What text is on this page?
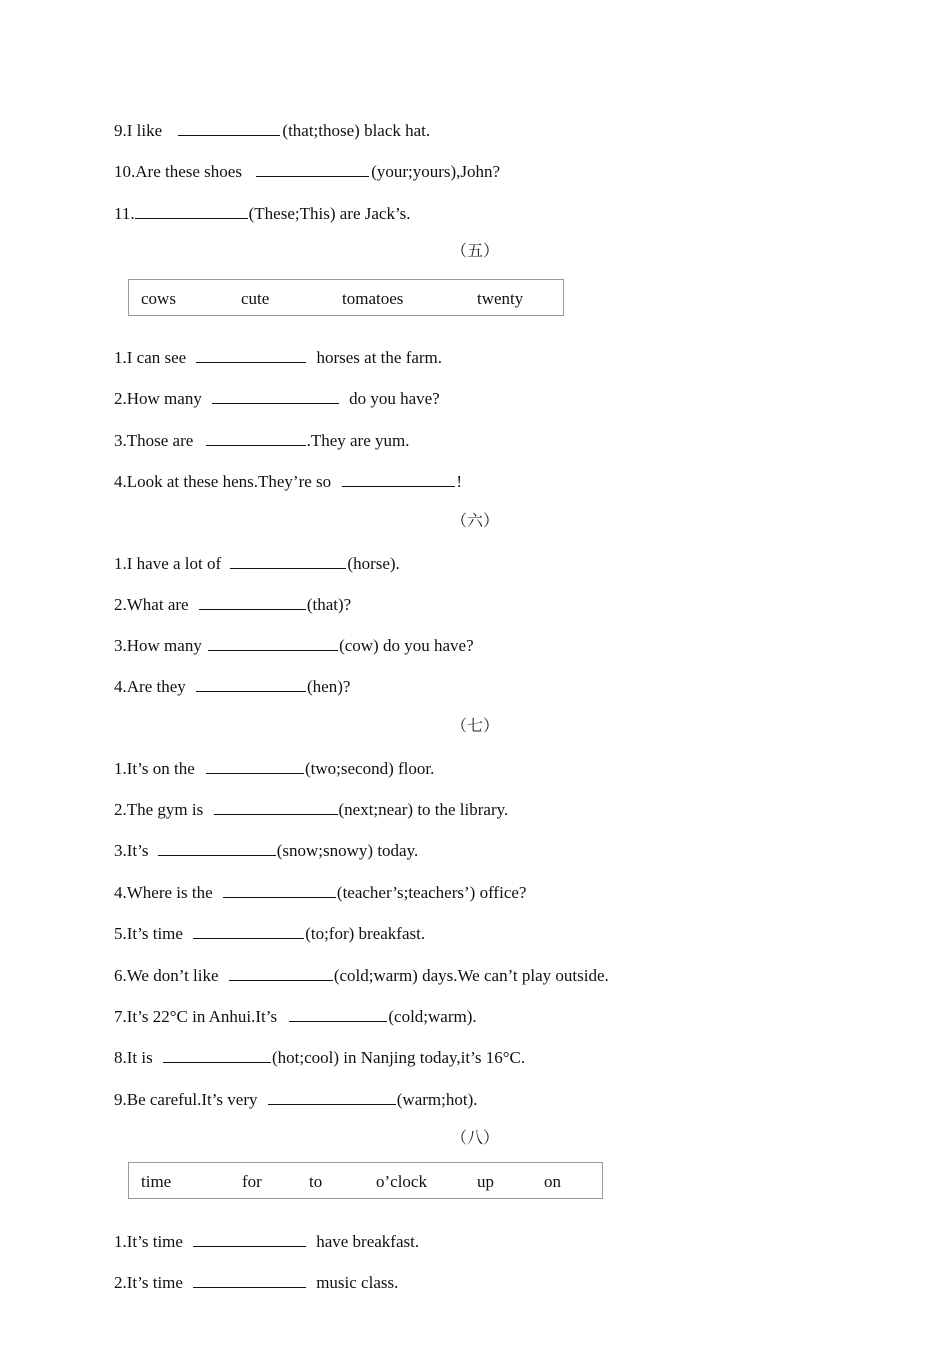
9.I like	(that;those) black hat.
10.Are these shoes	(your;yours),John?
11.	(These;This) are Jack’s.
（五）
cows	cute	tomatoes	twenty
1.I can see	horses at the farm.
2.How many	do you have?
3.Those are	.They are yum.
4.Look at these hens.They’re so	!
（六）
1.I have a lot of	(horse).
2.What are	(that)?
3.How many	(cow) do you have?
4.Are they	(hen)?
（七）
1.It’s on the	(two;second) floor.
2.The gym is	(next;near) to the library.
3.It’s	(snow;snowy) today.
4.Where is the	(teacher’s;teachers’) office?
5.It’s time	(to;for) breakfast.
6.We don’t like	(cold;warm) days.We can’t play outside.
7.It’s 22°C in Anhui.It’s	(cold;warm).
8.It is	(hot;cool) in Nanjing today,it’s 16°C.
9.Be careful.It’s very	(warm;hot).
（八）
time	for	to	o’clock	up	on
1.It’s time	have breakfast.
2.It’s time	music class.
